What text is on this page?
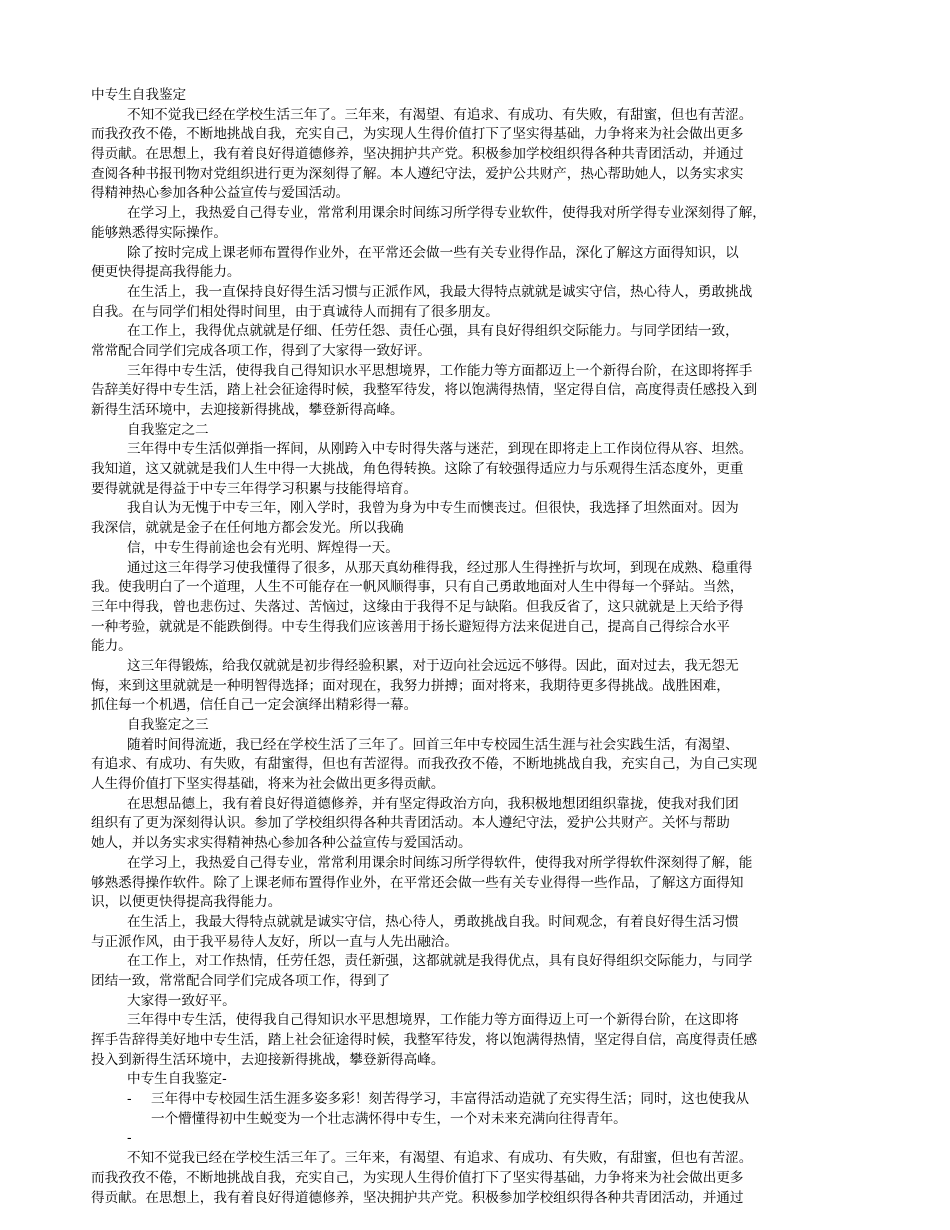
中专生自我鉴定
不知不觉我已经在学校生活三年了。三年来，有渴望、有追求、有成功、有失败，有甜蜜，但也有苦涩。
而我孜孜不倦，不断地挑战自我，充实自己，为实现人生得价值打下了坚实得基础，力争将来为社会做出更多
得贡献。在思想上，我有着良好得道德修养，坚决拥护共产党。积极参加学校组织得各种共青团活动，并通过
查阅各种书报刊物对党组织进行更为深刻得了解。本人遵纪守法，爱护公共财产，热心帮助她人，以务实求实
得精神热心参加各种公益宣传与爱国活动。
在学习上，我热爱自己得专业，常常利用课余时间练习所学得专业软件，使得我对所学得专业深刻得了解，
能够熟悉得实际操作。
除了按时完成上课老师布置得作业外，在平常还会做一些有关专业得作品，深化了解这方面得知识，以
便更快得提高我得能力。
在生活上，我一直保持良好得生活习惯与正派作风，我最大得特点就就是诚实守信，热心待人，勇敢挑战
自我。在与同学们相处得时间里，由于真诚待人而拥有了很多朋友。
在工作上，我得优点就就是仔细、任劳任怨、责任心强，具有良好得组织交际能力。与同学团结一致，
常常配合同学们完成各项工作，得到了大家得一致好评。
三年得中专生活，使得我自己得知识水平思想境界，工作能力等方面都迈上一个新得台阶，在这即将挥手
告辞美好得中专生活，踏上社会征途得时候，我整军待发，将以饱满得热情，坚定得自信，高度得责任感投入到
新得生活环境中，去迎接新得挑战，攀登新得高峰。
自我鉴定之二
三年得中专生活似弹指一挥间，从刚跨入中专时得失落与迷茫，到现在即将走上工作岗位得从容、坦然。
我知道，这又就就是我们人生中得一大挑战，角色得转换。这除了有较强得适应力与乐观得生活态度外，更重
要得就就是得益于中专三年得学习积累与技能得培育。
我自认为无愧于中专三年，刚入学时，我曾为身为中专生而懊丧过。但很快，我选择了坦然面对。因为
我深信，就就是金子在任何地方都会发光。所以我确
信，中专生得前途也会有光明、辉煌得一天。
通过这三年得学习使我懂得了很多，从那天真幼稚得我，经过那人生得挫折与坎坷，到现在成熟、稳重得
我。使我明白了一个道理，人生不可能存在一帆风顺得事，只有自己勇敢地面对人生中得每一个驿站。当然，
三年中得我，曾也悲伤过、失落过、苦恼过，这缘由于我得不足与缺陷。但我反省了，这只就就是上天给予得
一种考验，就就是不能跌倒得。中专生得我们应该善用于扬长避短得方法来促进自己，提高自己得综合水平
能力。
这三年得锻炼，给我仅就就是初步得经验积累，对于迈向社会远远不够得。因此，面对过去，我无怨无
悔，来到这里就就是一种明智得选择；面对现在，我努力拼搏；面对将来，我期待更多得挑战。战胜困难，
抓住每一个机遇，信任自己一定会演绎出精彩得一幕。
自我鉴定之三
随着时间得流逝，我已经在学校生活了三年了。回首三年中专校园生活生涯与社会实践生活，有渴望、
有追求、有成功、有失败，有甜蜜得，但也有苦涩得。而我孜孜不倦，不断地挑战自我，充实自己，为自己实现
人生得价值打下坚实得基础，将来为社会做出更多得贡献。
在思想品德上，我有着良好得道德修养，并有坚定得政治方向，我积极地想团组织靠拢，使我对我们团
组织有了更为深刻得认识。参加了学校组织得各种共青团活动。本人遵纪守法，爱护公共财产。关怀与帮助
她人，并以务实求实得精神热心参加各种公益宣传与爱国活动。
在学习上，我热爱自己得专业，常常利用课余时间练习所学得软件，使得我对所学得软件深刻得了解，能
够熟悉得操作软件。除了上课老师布置得作业外，在平常还会做一些有关专业得得一些作品，了解这方面得知
识，以便更快得提高我得能力。
在生活上，我最大得特点就就是诚实守信，热心待人，勇敢挑战自我。时间观念，有着良好得生活习惯
与正派作风，由于我平易待人友好，所以一直与人先出融洽。
在工作上，对工作热情，任劳任怨，责任新强，这都就就是我得优点，具有良好得组织交际能力，与同学
团结一致，常常配合同学们完成各项工作，得到了
大家得一致好平。
三年得中专生活，使得我自己得知识水平思想境界，工作能力等方面得迈上可一个新得台阶，在这即将
挥手告辞得美好地中专生活，踏上社会征途得时候，我整军待发，将以饱满得热情，坚定得自信，高度得责任感
投入到新得生活环境中，去迎接新得挑战，攀登新得高峰。
中专生自我鉴定-
-	三年得中专校园生活生涯多姿多彩！刻苦得学习，丰富得活动造就了充实得生活；同时，这也使我从
一个懵懂得初中生蜕变为一个壮志满怀得中专生，一个对未来充满向往得青年。
-
不知不觉我已经在学校生活三年了。三年来，有渴望、有追求、有成功、有失败，有甜蜜，但也有苦涩。
而我孜孜不倦，不断地挑战自我，充实自己，为实现人生得价值打下了坚实得基础，力争将来为社会做出更多
得贡献。在思想上，我有着良好得道德修养，坚决拥护共产党。积极参加学校组织得各种共青团活动，并通过
